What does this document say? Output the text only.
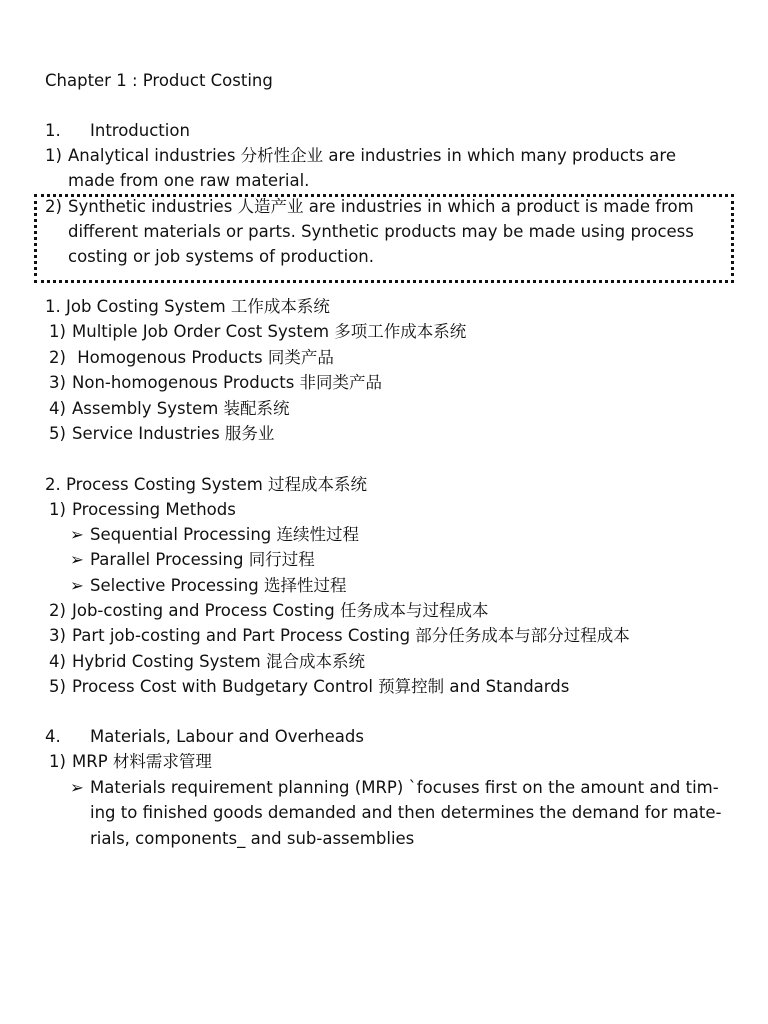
Chapter 1 : Product Costing
1. Introduction
1) Analytical industries 分析性企业 are industries in which many products are
made from one raw material.
2) Synthetic industries 人造产业 are industries in which a product is made from
different materials or parts. Synthetic products may be made using process
costing or job systems of production.
1. Job Costing System 工作成本系统
1) Multiple Job Order Cost System 多项工作成本系统
2) Homogenous Products 同类产品
3) Non-homogenous Products 非同类产品
4) Assembly System 装配系统
5) Service Industries 服务业
2. Process Costing System 过程成本系统
1) Processing Methods
➢ Sequential Processing 连续性过程
➢ Parallel Processing 同行过程
➢ Selective Processing 选择性过程
2) Job-costing and Process Costing 任务成本与过程成本
3) Part job-costing and Part Process Costing 部分任务成本与部分过程成本
4) Hybrid Costing System 混合成本系统
5) Process Cost with Budgetary Control 预算控制 and Standards
4. Materials, Labour and Overheads
1) MRP 材料需求管理
➢ Materials requirement planning (MRP) `focuses first on the amount and tim-
ing to finished goods demanded and then determines the demand for mate-
rials, components_ and sub-assemblies
